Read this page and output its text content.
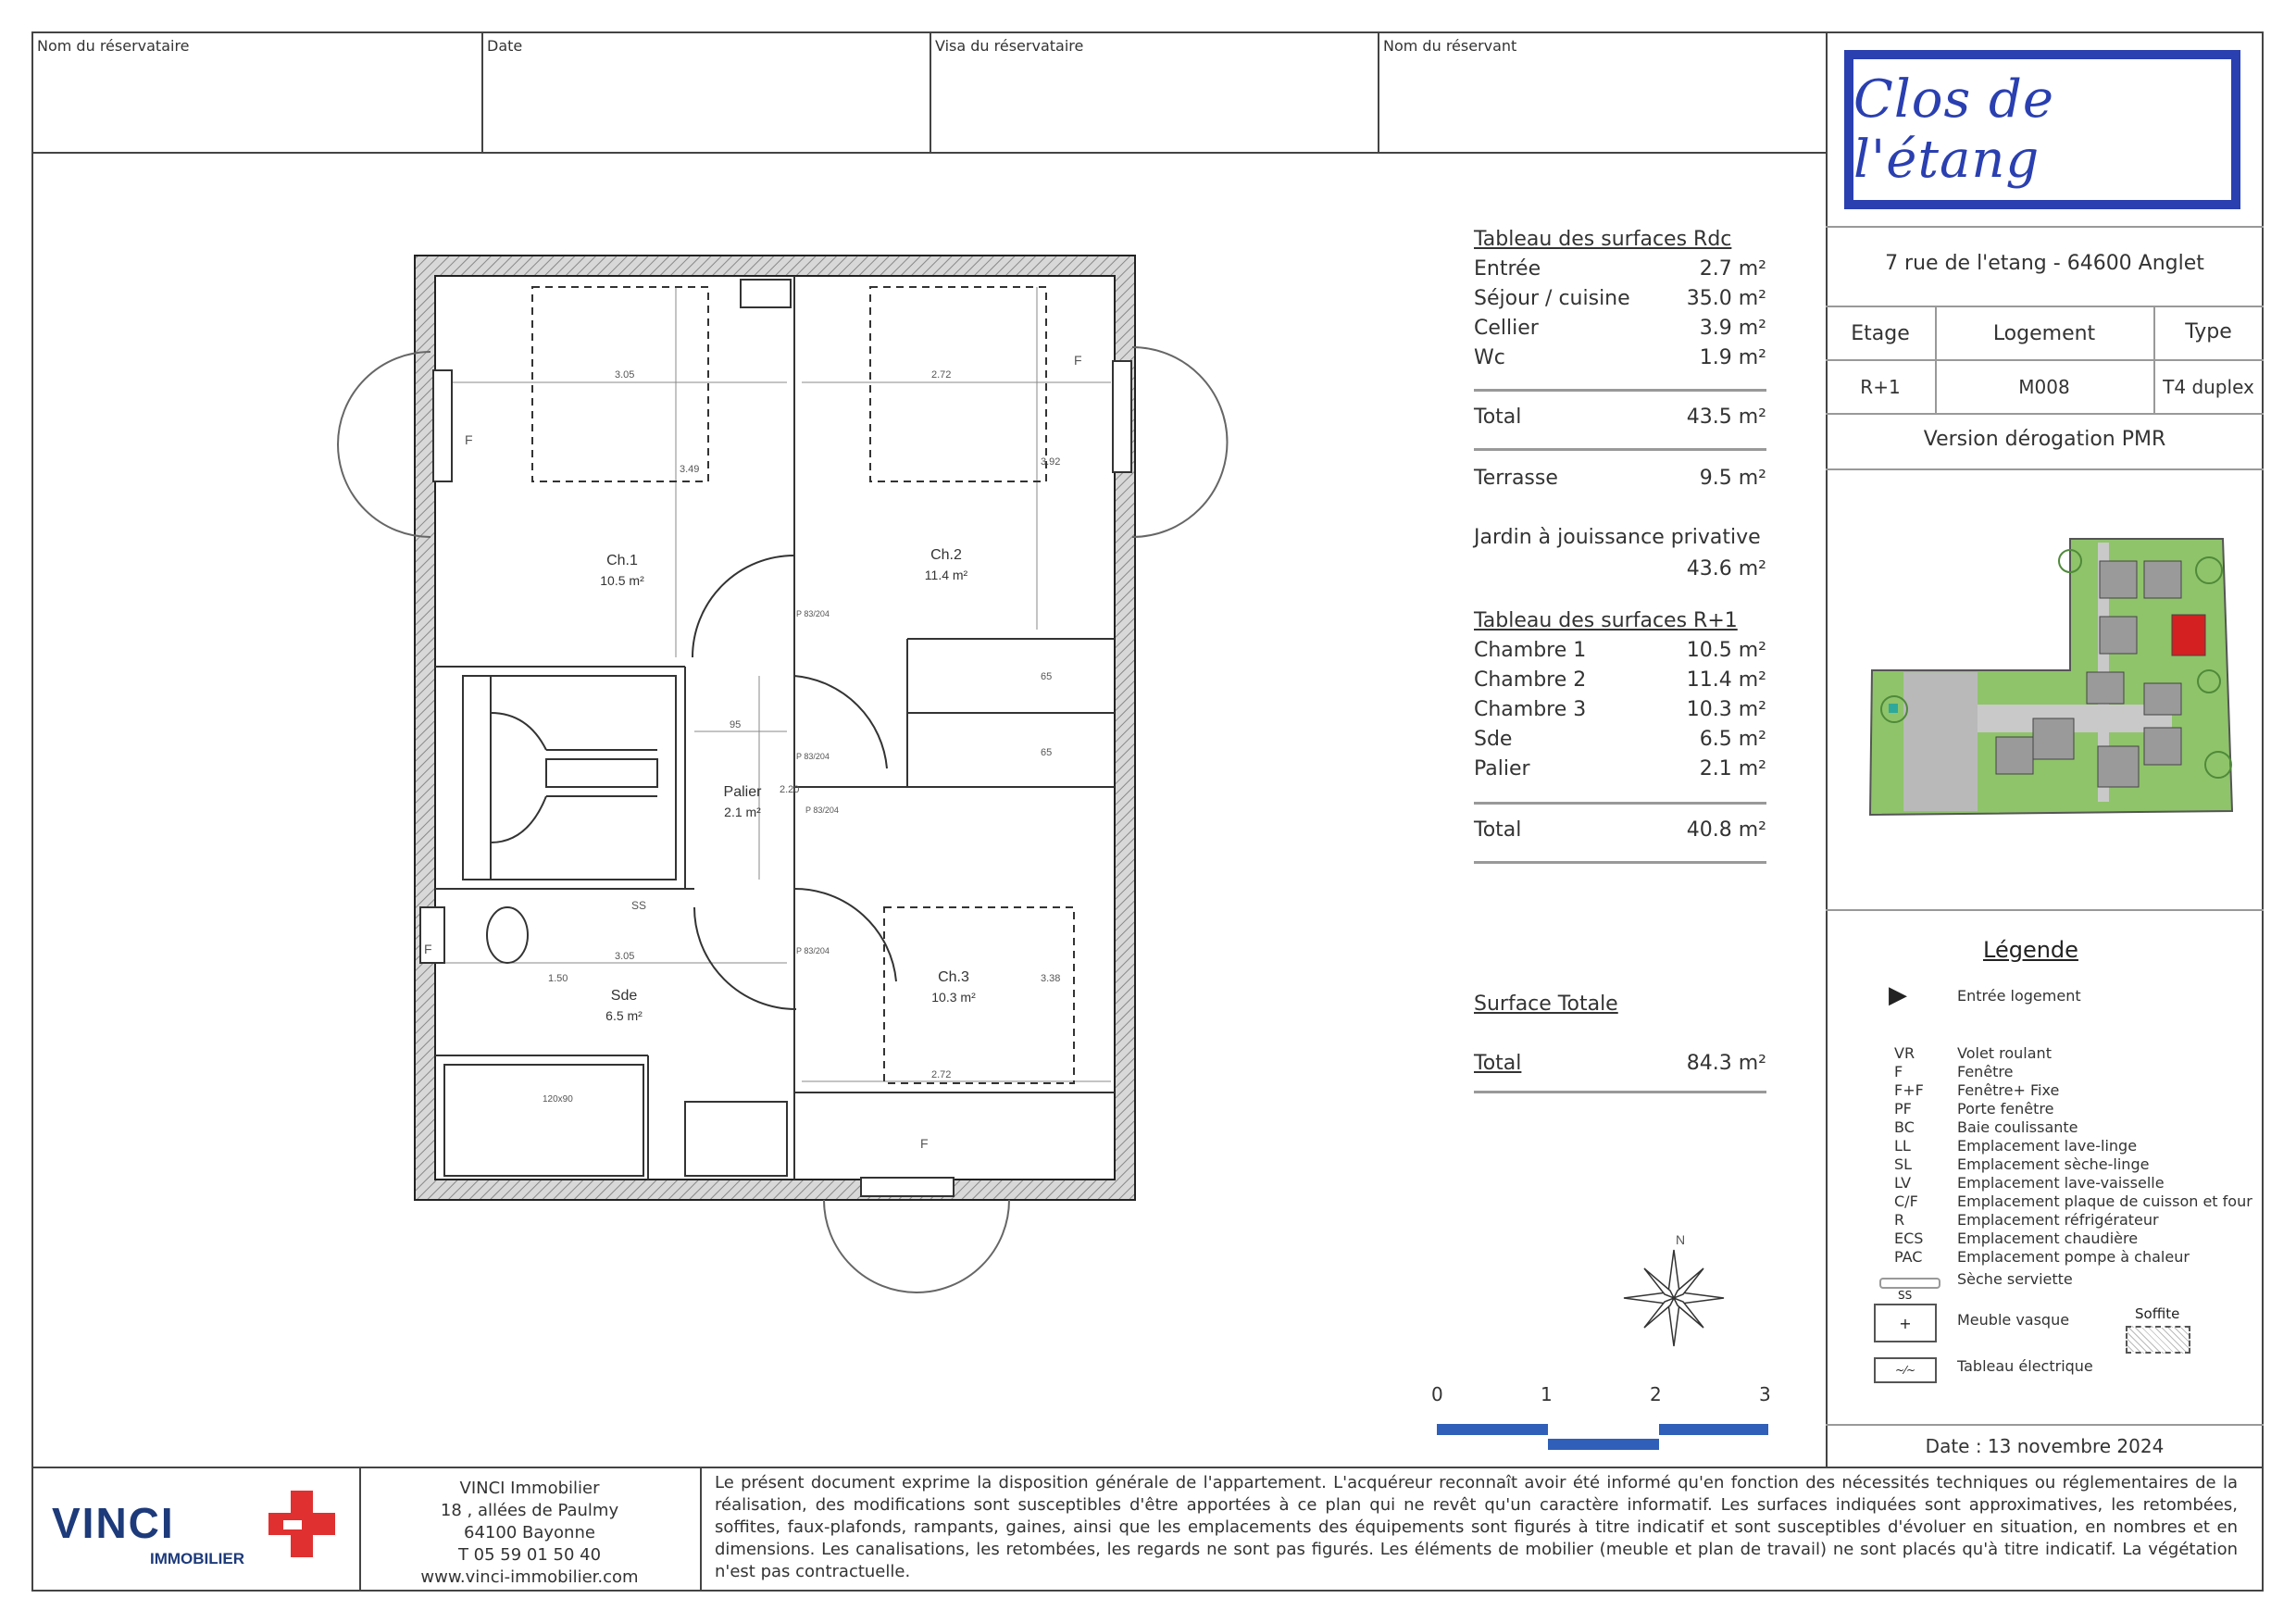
Nom du réservataire	Date	Visa du réservataire	Nom du réservant
Clos de l'étang
7 rue de l'etang - 64600 Anglet
Etage	Logement	Type
R+1	M008	T4 duplex
Version dérogation PMR
Légende
▶	Entrée logement
VR	Volet roulant
F	Fenêtre
F+F	Fenêtre+ Fixe
PF	Porte fenêtre
BC	Baie coulissante
LL	Emplacement lave-linge
SL	Emplacement sèche-linge
LV	Emplacement lave-vaisselle
C/F	Emplacement plaque de cuisson et four
R	Emplacement réfrigérateur
ECS	Emplacement chaudière
PAC	Emplacement pompe à chaleur
SS
Sèche serviette
+	Meuble vasque	Soffite
~⁄~	Tableau électrique
Date : 13 novembre 2024
Tableau des surfaces Rdc
Entrée	2.7 m²
Séjour / cuisine	35.0 m²
Cellier	3.9 m²
Wc	1.9 m²
Total	43.5 m²
Terrasse	9.5 m²
Jardin à jouissance privative
43.6 m²
Tableau des surfaces R+1
Chambre 1	10.5 m²
Chambre 2	11.4 m²
Chambre 3	10.3 m²
Sde	6.5 m²
Palier	2.1 m²
Total	40.8 m²
Surface Totale
Total	84.3 m²
N
0	1	2	3
Ch.1
10.5 m²
Ch.2
11.4 m²
Palier
2.1 m²
Sde
6.5 m²
Ch.3
10.3 m²
3.05	2.72
3.49
3.92
95
65
65
3.05
1.50	3.38
2.72
2.20
F
F
F
F
SS
P 83/204
P 83/204
P 83/204
P 83/204
120x90
VINCI
IMMOBILIER
VINCI Immobilier
18 , allées de Paulmy
64100 Bayonne
T 05 59 01 50 40
www.vinci-immobilier.com
Le présent document exprime la disposition générale de l'appartement. L'acquéreur reconnaît avoir été informé qu'en fonction des nécessités techniques ou réglementaires de la réalisation, des modifications sont susceptibles d'être apportées à ce plan qui ne revêt qu'un caractère informatif. Les surfaces indiquées sont approximatives, les retombées, soffites, faux-plafonds, rampants, gaines, ainsi que les emplacements des équipements sont figurés à titre indicatif et sont susceptibles d'évoluer en situation, en nombres et en dimensions. Les canalisations, les retombées, les regards ne sont pas figurés. Les éléments de mobilier (meuble et plan de travail) ne sont placés qu'à titre indicatif. La végétation n'est pas contractuelle.
